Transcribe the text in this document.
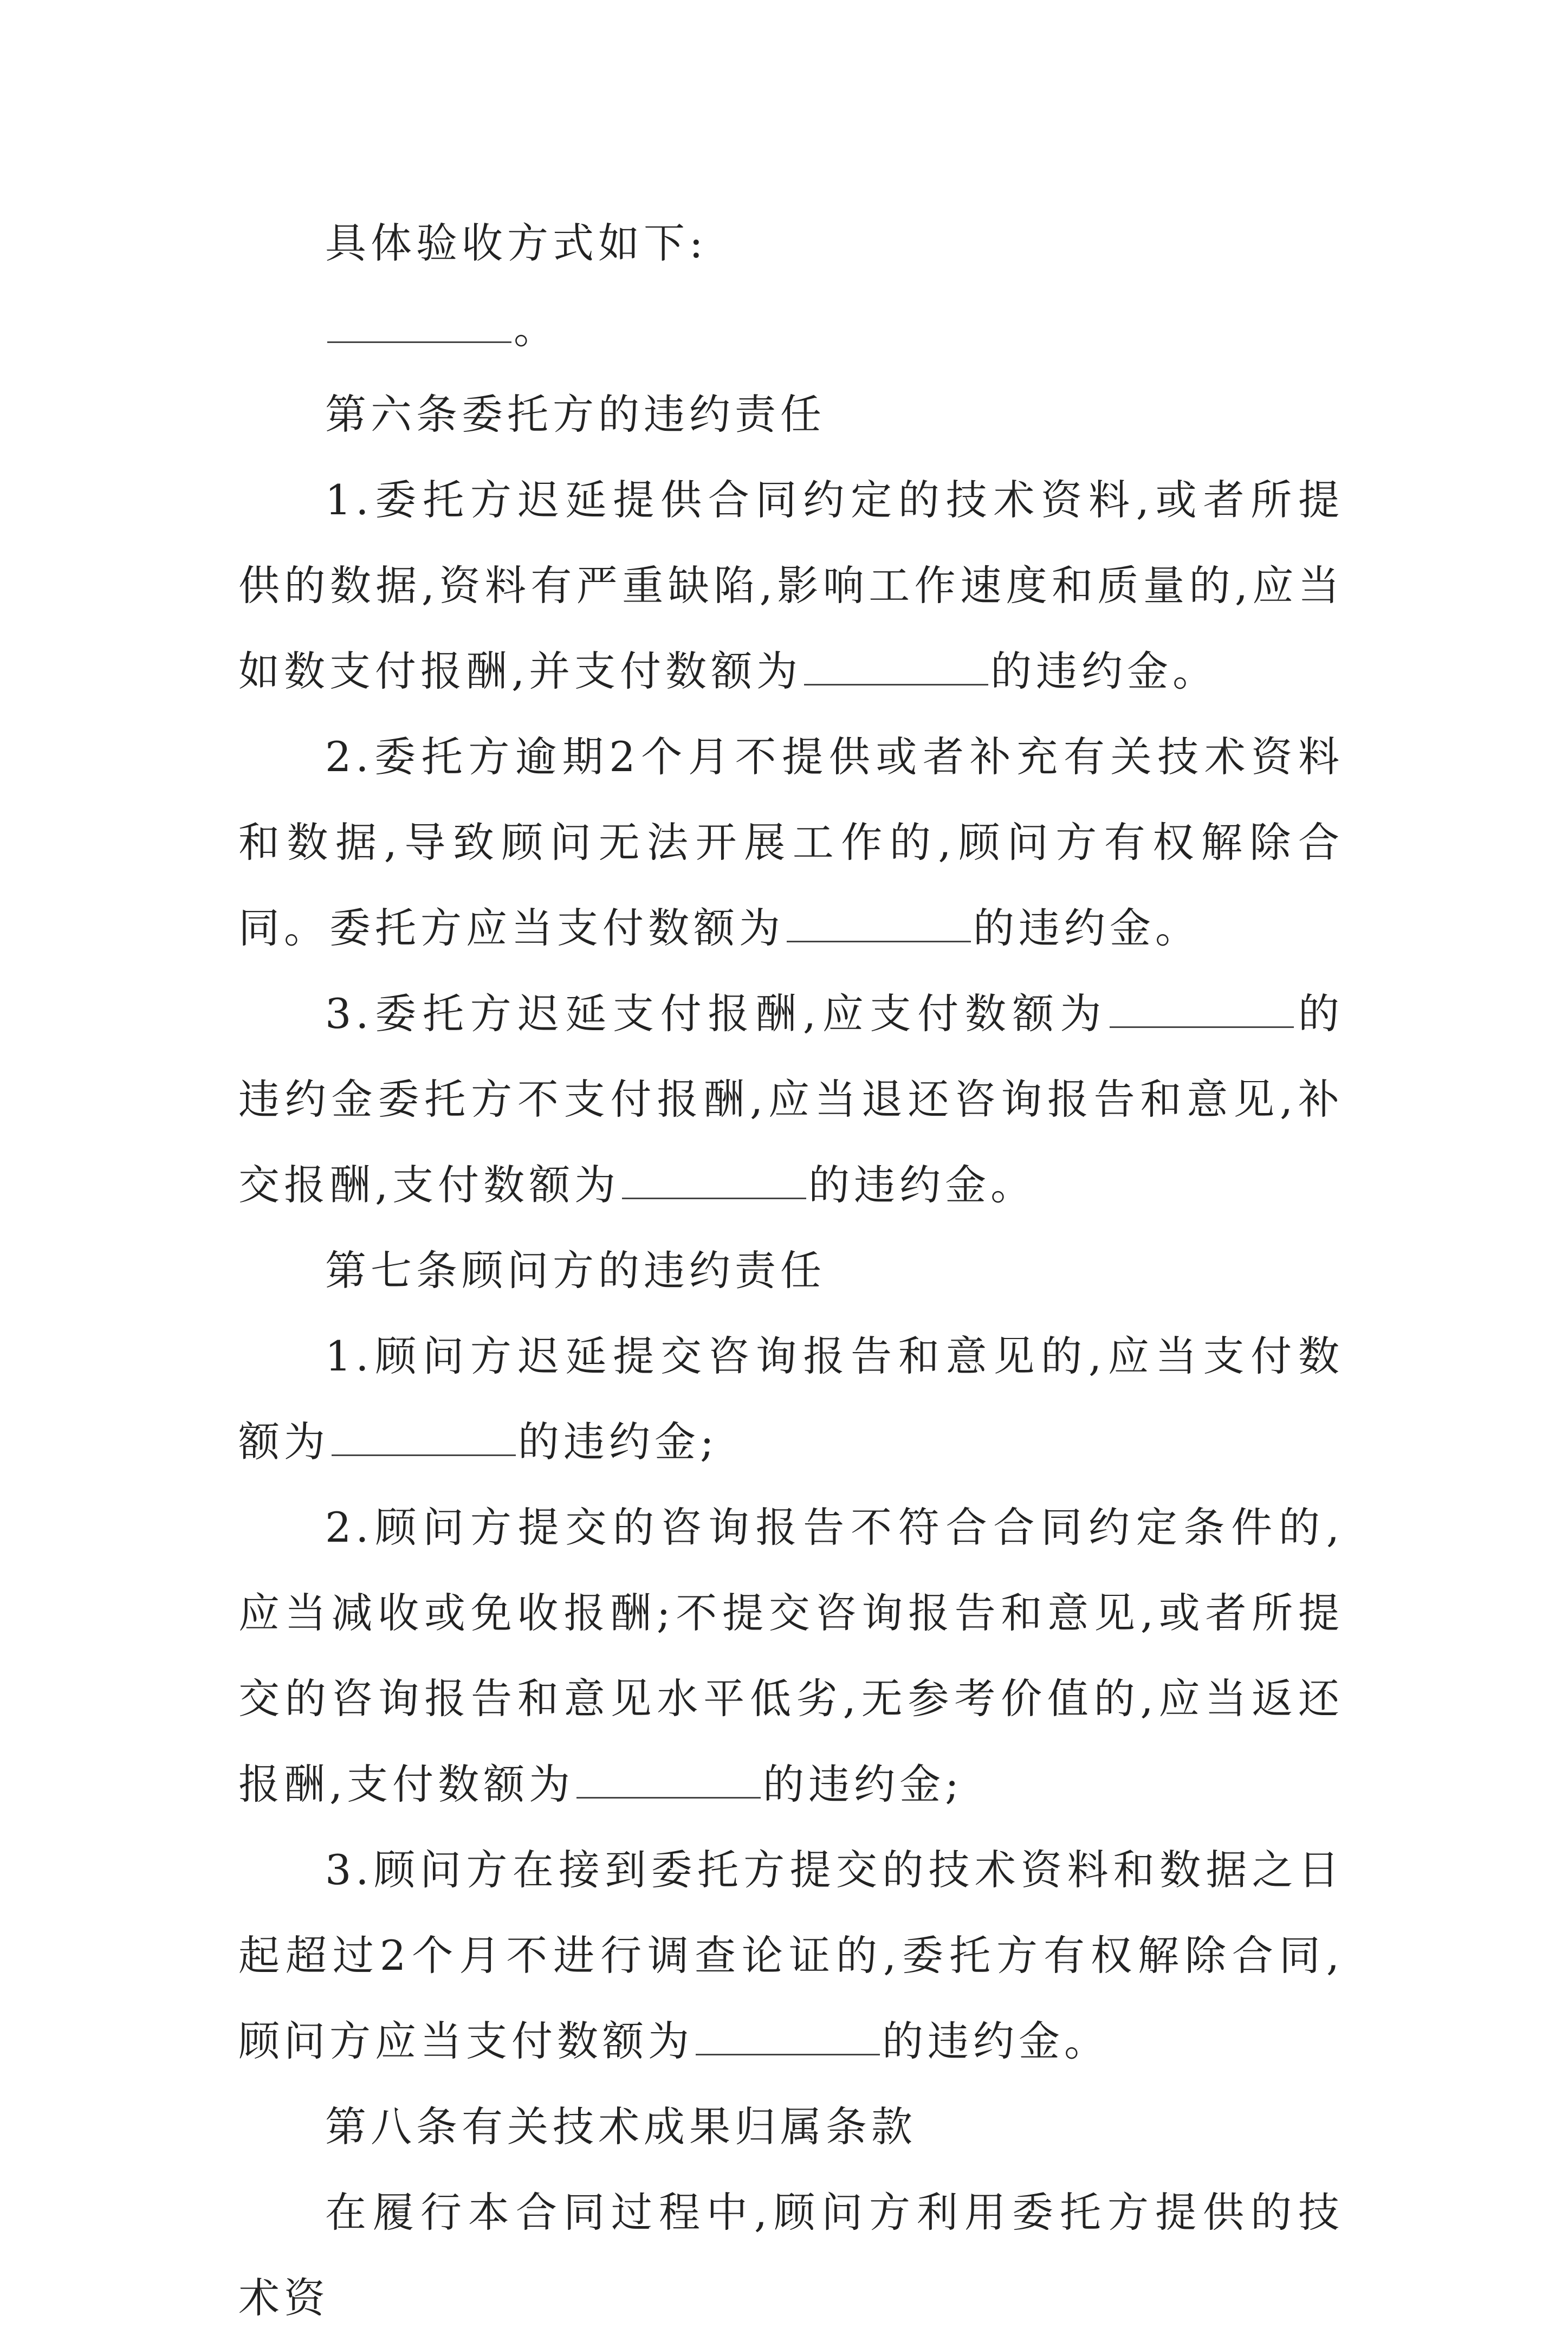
具体验收方式如下:

。

第六条委托方的违约责任

1.委托方迟延提供合同约定的技术资料,或者所提供的数据,资料有严重缺陷,影响工作速度和质量的,应当如数支付报酬,并支付数额为	的违约金。

2.委托方逾期2个月不提供或者补充有关技术资料和数据,导致顾问无法开展工作的,顾问方有权解除合同。委托方应当支付数额为	的违约金。

3.委托方迟延支付报酬,应支付数额为	的违约金委托方不支付报酬,应当退还咨询报告和意见,补交报酬,支付数额为	的违约金。

第七条顾问方的违约责任

1.顾问方迟延提交咨询报告和意见的,应当支付数额为	的违约金;

2.顾问方提交的咨询报告不符合合同约定条件的,应当减收或免收报酬;不提交咨询报告和意见,或者所提交的咨询报告和意见水平低劣,无参考价值的,应当返还报酬,支付数额为	的违约金;

3.顾问方在接到委托方提交的技术资料和数据之日起超过2个月不进行调查论证的,委托方有权解除合同,顾问方应当支付数额为	的违约金。

第八条有关技术成果归属条款

在履行本合同过程中,顾问方利用委托方提供的技术资
